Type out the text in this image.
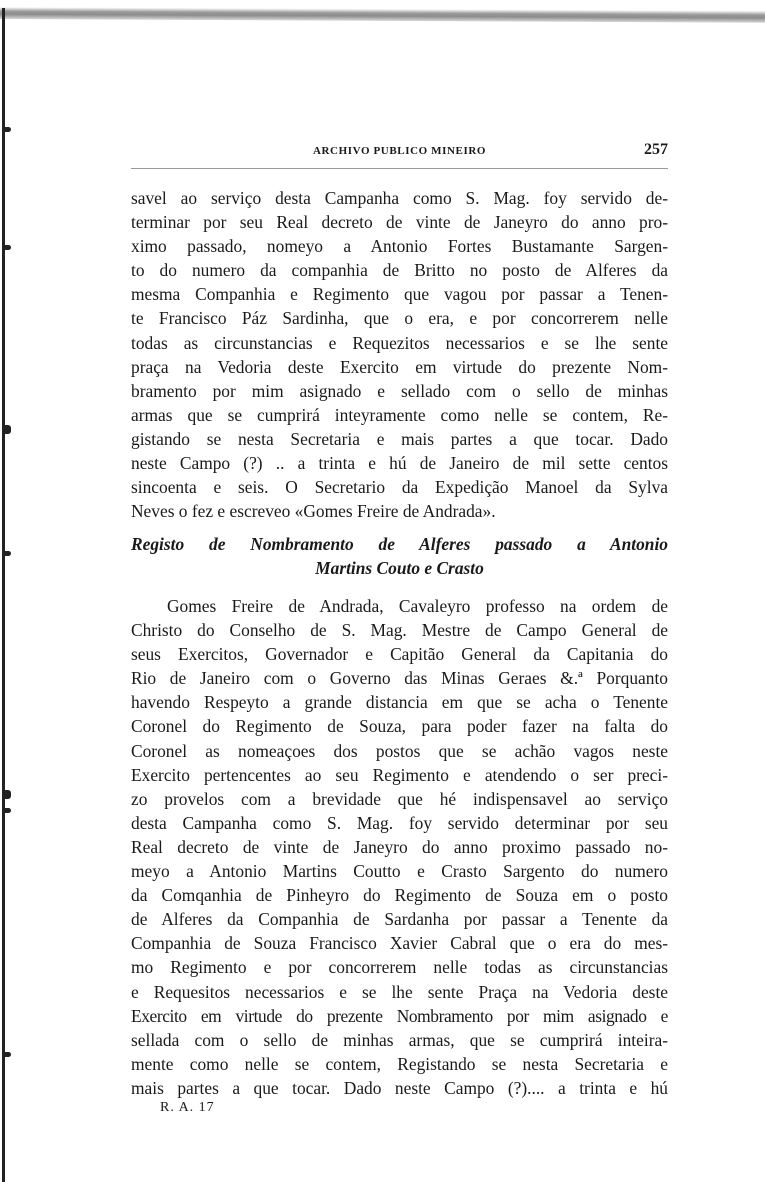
ARCHIVO PUBLICO MINEIRO	257
savel ao serviço desta Campanha como S. Mag. foy servido de-
terminar por seu Real decreto de vinte de Janeyro do anno pro-
ximo passado, nomeyo a Antonio Fortes Bustamante Sargen-
to do numero da companhia de Britto no posto de Alferes da
mesma Companhia e Regimento que vagou por passar a Tenen-
te Francisco Páz Sardinha, que o era, e por concorrerem nelle
todas as circunstancias e Requezitos necessarios e se lhe sente
praça na Vedoria deste Exercito em virtude do prezente Nom-
bramento por mim asignado e sellado com o sello de minhas
armas que se cumprirá inteyramente como nelle se contem, Re-
gistando se nesta Secretaria e mais partes a que tocar. Dado
neste Campo (?) .. a trinta e hú de Janeiro de mil sette centos
sincoenta e seis. O Secretario da Expedição Manoel da Sylva
Neves o fez e escreveo «Gomes Freire de Andrada».
Registo de Nombramento de Alferes passado a Antonio
Martins Couto e Crasto
Gomes Freire de Andrada, Cavaleyro professo na ordem de
Christo do Conselho de S. Mag. Mestre de Campo General de
seus Exercitos, Governador e Capitão General da Capitania do
Rio de Janeiro com o Governo das Minas Geraes &.ª Porquanto
havendo Respeyto a grande distancia em que se acha o Tenente
Coronel do Regimento de Souza, para poder fazer na falta do
Coronel as nomeaçoes dos postos que se achão vagos neste
Exercito pertencentes ao seu Regimento e atendendo o ser preci-
zo provelos com a brevidade que hé indispensavel ao serviço
desta Campanha como S. Mag. foy servido determinar por seu
Real decreto de vinte de Janeyro do anno proximo passado no-
meyo a Antonio Martins Coutto e Crasto Sargento do numero
da Comqanhia de Pinheyro do Regimento de Souza em o posto
de Alferes da Companhia de Sardanha por passar a Tenente da
Companhia de Souza Francisco Xavier Cabral que o era do mes-
mo Regimento e por concorrerem nelle todas as circunstancias
e Requesitos necessarios e se lhe sente Praça na Vedoria deste
Exercito em virtude do prezente Nombramento por mim asignado e
sellada com o sello de minhas armas, que se cumprirá inteira-
mente como nelle se contem, Registando se nesta Secretaria e
mais partes a que tocar. Dado neste Campo (?).... a trinta e hú
R. A. 17
